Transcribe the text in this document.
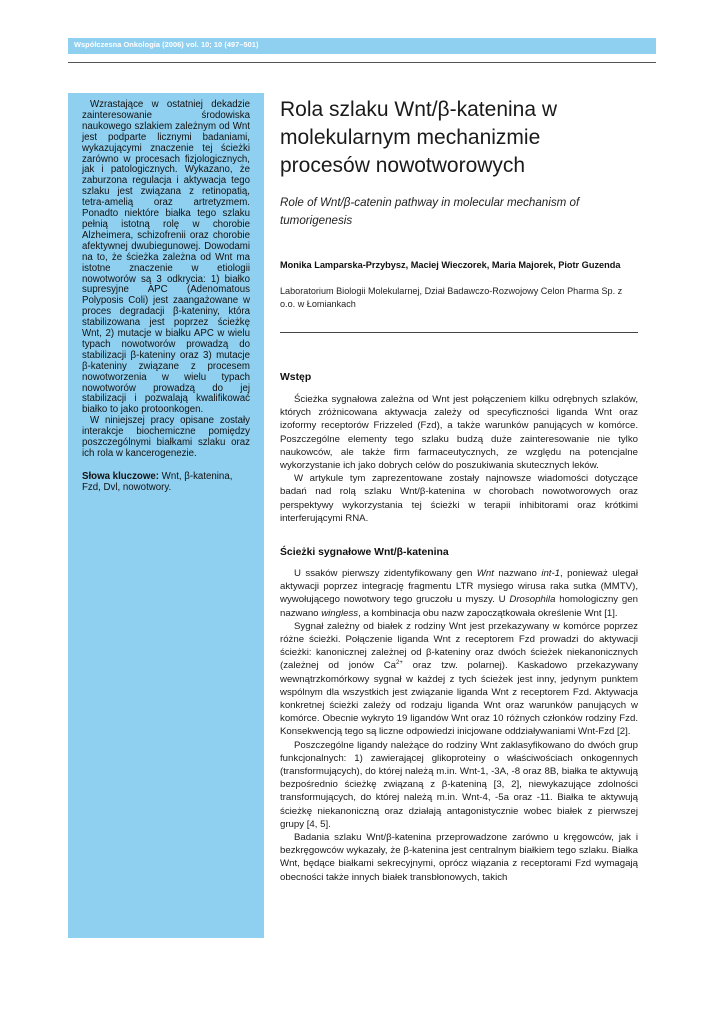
Współczesna Onkologia (2006) vol. 10; 10 (497–501)

Wzrastające w ostatniej dekadzie zainteresowanie środowiska naukowego szlakiem zależnym od Wnt jest podparte licznymi badaniami, wykazującymi znaczenie tej ścieżki zarówno w procesach fizjologicznych, jak i patologicznych. Wykazano, że zaburzona regulacja i aktywacja tego szlaku jest związana z retinopatią, tetra-amelią oraz artretyzmem. Ponadto niektóre białka tego szlaku pełnią istotną rolę w chorobie Alzheimera, schizofrenii oraz chorobie afektywnej dwubiegunowej. Dowodami na to, że ścieżka zależna od Wnt ma istotne znaczenie w etiologii nowotworów są 3 odkrycia: 1) białko supresyjne APC (Adenomatous Polyposis Coli) jest zaangażowane w proces degradacji β-kateniny, która stabilizowana jest poprzez ścieżkę Wnt, 2) mutacje w białku APC w wielu typach nowotworów prowadzą do stabilizacji β-kateniny oraz 3) mutacje β-kateniny związane z procesem nowotworzenia w wielu typach nowotworów prowadzą do jej stabilizacji i pozwalają kwalifikować białko to jako protoonkogen.

W niniejszej pracy opisane zostały interakcje biochemiczne pomiędzy poszczególnymi białkami szlaku oraz ich rola w kancerogenezie.

Słowa kluczowe: Wnt, β-katenina, Fzd, Dvl, nowotwory.
Rola szlaku Wnt/β-katenina w molekularnym mechanizmie procesów nowotworowych
Role of Wnt/β-catenin pathway in molecular mechanism of tumorigenesis
Monika Lamparska-Przybysz, Maciej Wieczorek, Maria Majorek, Piotr Guzenda
Laboratorium Biologii Molekularnej, Dział Badawczo-Rozwojowy Celon Pharma Sp. z o.o. w Łomiankach
Wstęp

Ścieżka sygnałowa zależna od Wnt jest połączeniem kilku odrębnych szlaków, których zróżnicowana aktywacja zależy od specyficzności liganda Wnt oraz izoformy receptorów Frizzeled (Fzd), a także warunków panujących w komórce. Poszczególne elementy tego szlaku budzą duże zainteresowanie nie tylko naukowców, ale także firm farmaceutycznych, ze względu na potencjalne wykorzystanie ich jako dobrych celów do poszukiwania skutecznych leków.

W artykule tym zaprezentowane zostały najnowsze wiadomości dotyczące badań nad rolą szlaku Wnt/β-katenina w chorobach nowotworowych oraz perspektywy wykorzystania tej ścieżki w terapii inhibitorami oraz krótkimi interferującymi RNA.

Ścieżki sygnałowe Wnt/β-katenina

U ssaków pierwszy zidentyfikowany gen Wnt nazwano int-1, ponieważ ulegał aktywacji poprzez integrację fragmentu LTR mysiego wirusa raka sutka (MMTV), wywołującego nowotwory tego gruczołu u myszy. U Drosophila homologiczny gen nazwano wingless, a kombinacja obu nazw zapoczątkowała określenie Wnt [1].

Sygnał zależny od białek z rodziny Wnt jest przekazywany w komórce poprzez różne ścieżki. Połączenie liganda Wnt z receptorem Fzd prowadzi do aktywacji ścieżki: kanonicznej zależnej od β-kateniny oraz dwóch ścieżek niekanonicznych (zależnej od jonów $Ca^{2+}$ oraz tzw. polarnej). Kaskadowo przekazywany wewnątrzkomórkowy sygnał w każdej z tych ścieżek jest inny, jedynym punktem wspólnym dla wszystkich jest związanie liganda Wnt z receptorem Fzd. Aktywacja konkretnej ścieżki zależy od rodzaju liganda Wnt oraz warunków panujących w komórce. Obecnie wykryto 19 ligandów Wnt oraz 10 różnych członków rodziny Fzd. Konsekwencją tego są liczne odpowiedzi inicjowane oddziaływaniami Wnt-Fzd [2].

Poszczególne ligandy należące do rodziny Wnt zaklasyfikowano do dwóch grup funkcjonalnych: 1) zawierającej glikoproteiny o właściwościach onkogennych (transformujących), do której należą m.in. Wnt-1, -3A, -8 oraz 8B, białka te aktywują bezpośrednio ścieżkę związaną z β-kateniną [3, 2], niewykazujące zdolności transformujących, do której należą m.in. Wnt-4, -5a oraz -11. Białka te aktywują ścieżkę niekanoniczną oraz działają antagonistycznie wobec białek z pierwszej grupy [4, 5].

Badania szlaku Wnt/β-katenina przeprowadzone zarówno u kręgowców, jak i bezkręgowców wykazały, że β-katenina jest centralnym białkiem tego szlaku. Białka Wnt, będące białkami sekrecyjnymi, oprócz wiązania z receptorami Fzd wymagają obecności także innych białek transbłonowych, takich
